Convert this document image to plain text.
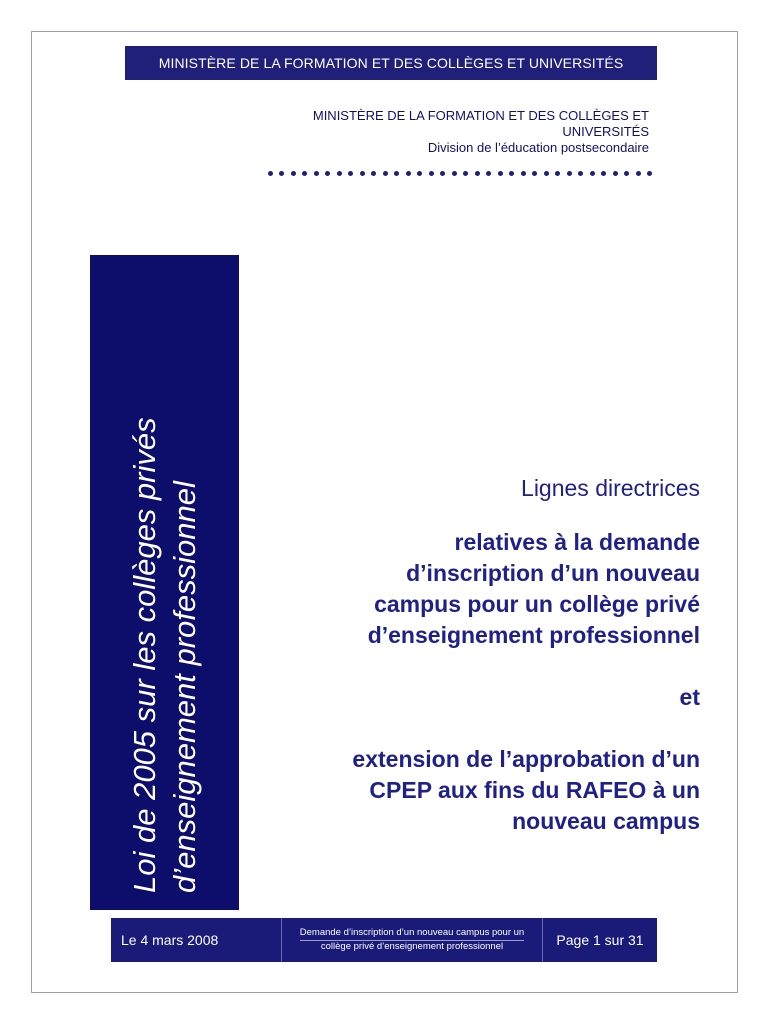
MINISTÈRE DE LA FORMATION ET DES COLLÈGES ET UNIVERSITÉS
MINISTÈRE DE LA FORMATION ET DES COLLÈGES ET
UNIVERSITÉS
Division de l’éducation postsecondaire
Loi de 2005 sur les collèges privés d’enseignement professionnel	Lignes directrices
relatives à la demande
d’inscription d’un nouveau
campus pour un collège privé
d’enseignement professionnel
et
extension de l’approbation d’un
CPEP aux fins du RAFEO à un
nouveau campus
Le 4 mars 2008	Demande d’inscription d’un nouveau campus pour un
collège privé d’enseignement professionnel	Page 1 sur 31
